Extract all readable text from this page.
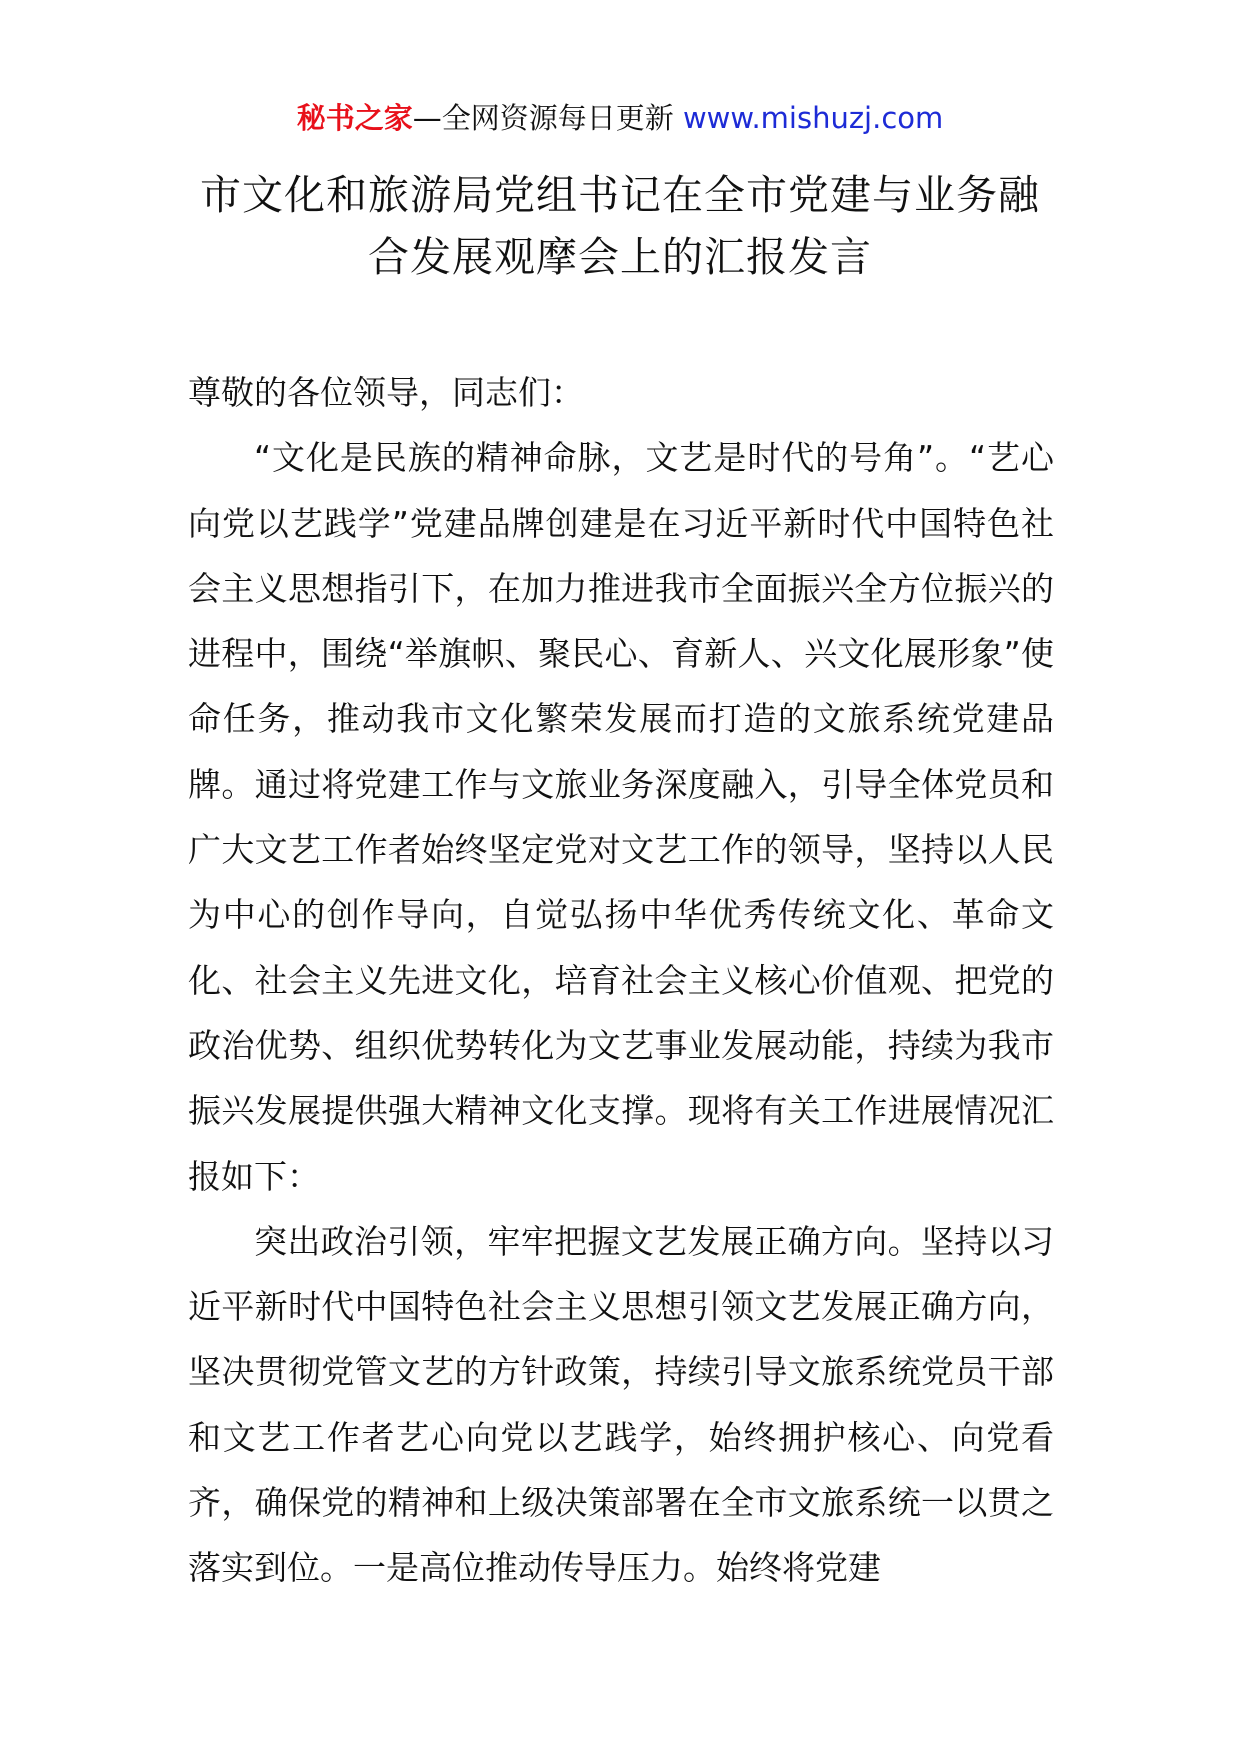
秘书之家—全网资源每日更新 www.mishuzj.com
市文化和旅游局党组书记在全市党建与业务融
合发展观摩会上的汇报发言

尊敬的各位领导，同志们：

“文化是民族的精神命脉，文艺是时代的号角”。“艺心向党以艺践学”党建品牌创建是在习近平新时代中国特色社会主义思想指引下，在加力推进我市全面振兴全方位振兴的进程中，围绕“举旗帜、聚民心、育新人、兴文化展形象”使命任务，推动我市文化繁荣发展而打造的文旅系统党建品牌。通过将党建工作与文旅业务深度融入，引导全体党员和广大文艺工作者始终坚定党对文艺工作的领导，坚持以人民为中心的创作导向，自觉弘扬中华优秀传统文化、革命文化、社会主义先进文化，培育社会主义核心价值观、把党的政治优势、组织优势转化为文艺事业发展动能，持续为我市振兴发展提供强大精神文化支撑。现将有关工作进展情况汇报如下：

突出政治引领，牢牢把握文艺发展正确方向。坚持以习近平新时代中国特色社会主义思想引领文艺发展正确方向，坚决贯彻党管文艺的方针政策，持续引导文旅系统党员干部和文艺工作者艺心向党以艺践学，始终拥护核心、向党看齐，确保党的精神和上级决策部署在全市文旅系统一以贯之落实到位。一是高位推动传导压力。始终将党建
